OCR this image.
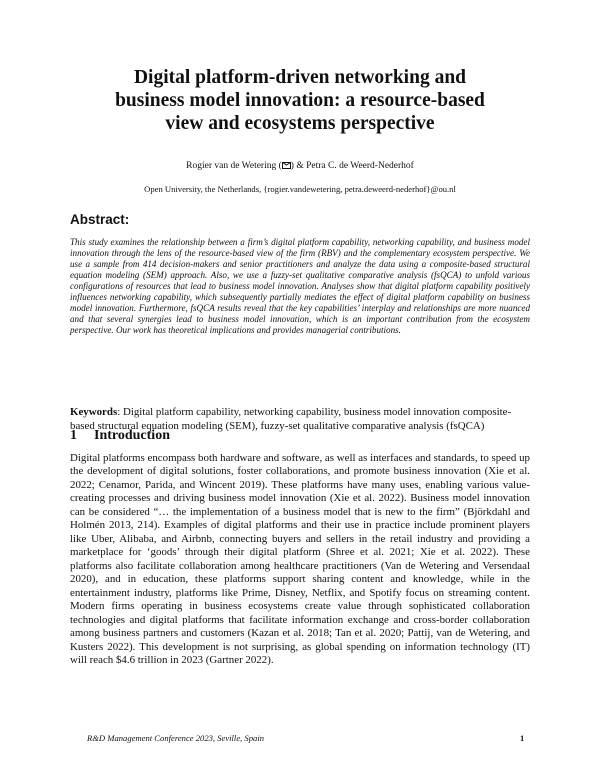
Digital platform-driven networking and
business model innovation: a resource-based
view and ecosystems perspective
Rogier van de Wetering ( ) & Petra C. de Weerd-Nederhof
Open University, the Netherlands, {rogier.vandewetering, petra.deweerd-nederhof}@ou.nl
Abstract:
This study examines the relationship between a firm’s digital platform capability, networking capability, and business model innovation through the lens of the resource-based view of the firm (RBV) and the complementary ecosystem perspective. We use a sample from 414 decision-makers and senior practitioners and analyze the data using a composite-based structural equation modeling (SEM) approach. Also, we use a fuzzy-set qualitative comparative analysis (fsQCA) to unfold various configurations of resources that lead to business model innovation. Analyses show that digital platform capability positively influences networking capability, which subsequently partially mediates the effect of digital platform capability on business model innovation. Furthermore, fsQCA results reveal that the key capabilities’ interplay and relationships are more nuanced and that several synergies lead to business model innovation, which is an important contribution from the ecosystem perspective. Our work has theoretical implications and provides managerial contributions.
Keywords: Digital platform capability, networking capability, business model innovation composite-based structural equation modeling (SEM), fuzzy-set qualitative comparative analysis (fsQCA)
1 Introduction
Digital platforms encompass both hardware and software, as well as interfaces and standards, to speed up the development of digital solutions, foster collaborations, and promote business innovation (Xie et al. 2022; Cenamor, Parida, and Wincent 2019). These platforms have many uses, enabling various value-creating processes and driving business model innovation (Xie et al. 2022). Business model innovation can be considered “… the implementation of a business model that is new to the firm” (Björkdahl and Holmén 2013, 214). Examples of digital platforms and their use in practice include prominent players like Uber, Alibaba, and Airbnb, connecting buyers and sellers in the retail industry and providing a marketplace for ‘goods’ through their digital platform (Shree et al. 2021; Xie et al. 2022). These platforms also facilitate collaboration among healthcare practitioners (Van de Wetering and Versendaal 2020), and in education, these platforms support sharing content and knowledge, while in the entertainment industry, platforms like Prime, Disney, Netflix, and Spotify focus on streaming content. Modern firms operating in business ecosystems create value through sophisticated collaboration technologies and digital platforms that facilitate information exchange and cross-border collaboration among business partners and customers (Kazan et al. 2018; Tan et al. 2020; Pattij, van de Wetering, and Kusters 2022). This development is not surprising, as global spending on information technology (IT) will reach $4.6 trillion in 2023 (Gartner 2022).
R&D Management Conference 2023, Seville, Spain	1
